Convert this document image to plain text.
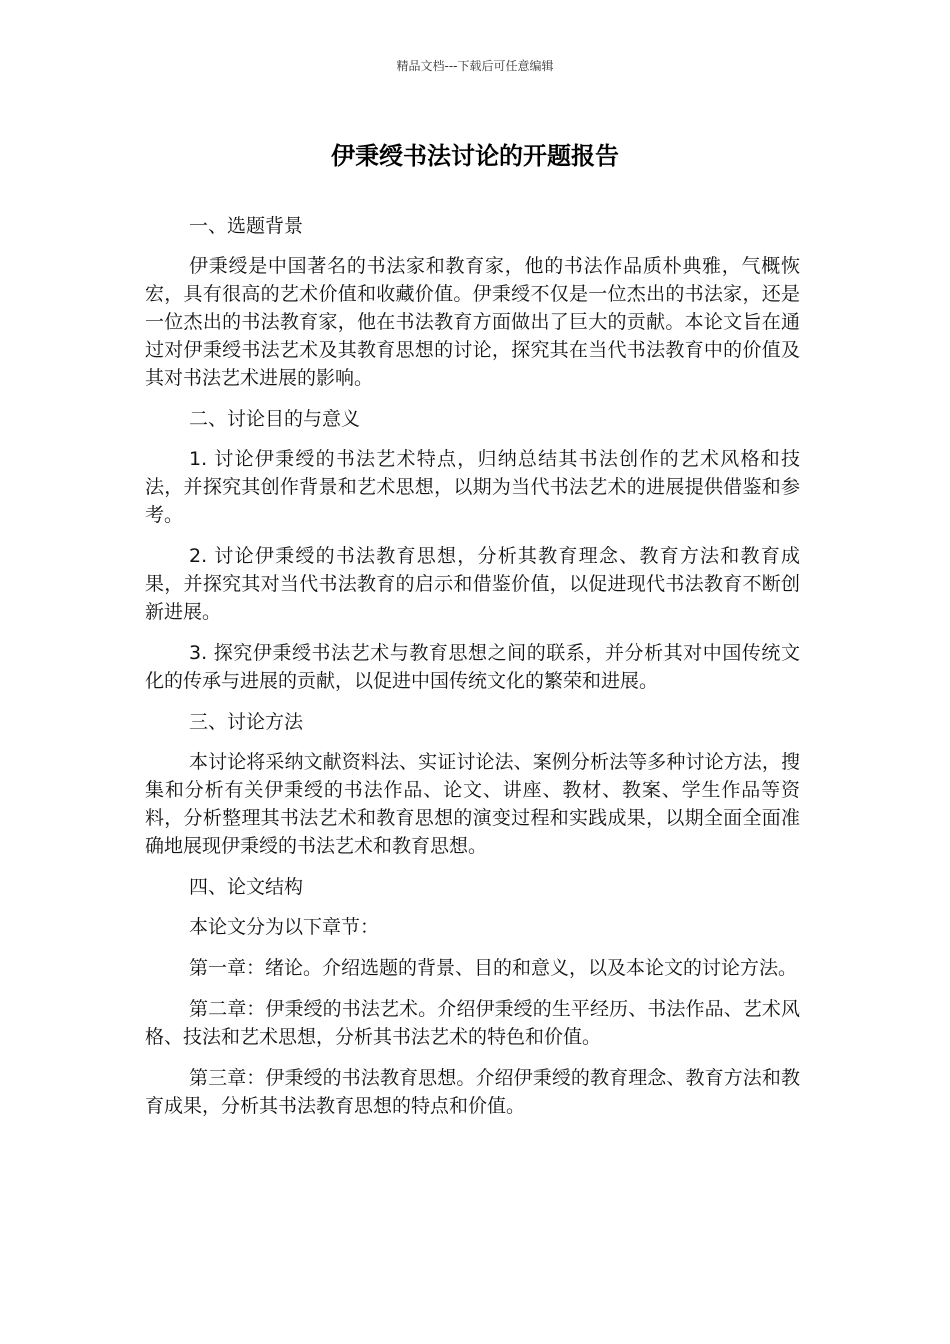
精品文档---下载后可任意编辑
伊秉绶书法讨论的开题报告

一、选题背景

伊秉绶是中国著名的书法家和教育家，他的书法作品质朴典雅，气概恢宏，具有很高的艺术价值和收藏价值。伊秉绶不仅是一位杰出的书法家，还是一位杰出的书法教育家，他在书法教育方面做出了巨大的贡献。本论文旨在通过对伊秉绶书法艺术及其教育思想的讨论，探究其在当代书法教育中的价值及其对书法艺术进展的影响。

二、讨论目的与意义

1. 讨论伊秉绶的书法艺术特点，归纳总结其书法创作的艺术风格和技法，并探究其创作背景和艺术思想，以期为当代书法艺术的进展提供借鉴和参考。

2. 讨论伊秉绶的书法教育思想，分析其教育理念、教育方法和教育成果，并探究其对当代书法教育的启示和借鉴价值，以促进现代书法教育不断创新进展。

3. 探究伊秉绶书法艺术与教育思想之间的联系，并分析其对中国传统文化的传承与进展的贡献，以促进中国传统文化的繁荣和进展。

三、讨论方法

本讨论将采纳文献资料法、实证讨论法、案例分析法等多种讨论方法，搜集和分析有关伊秉绶的书法作品、论文、讲座、教材、教案、学生作品等资料，分析整理其书法艺术和教育思想的演变过程和实践成果，以期全面全面准确地展现伊秉绶的书法艺术和教育思想。

四、论文结构

本论文分为以下章节：

第一章：绪论。介绍选题的背景、目的和意义，以及本论文的讨论方法。

第二章：伊秉绶的书法艺术。介绍伊秉绶的生平经历、书法作品、艺术风格、技法和艺术思想，分析其书法艺术的特色和价值。

第三章：伊秉绶的书法教育思想。介绍伊秉绶的教育理念、教育方法和教育成果，分析其书法教育思想的特点和价值。
